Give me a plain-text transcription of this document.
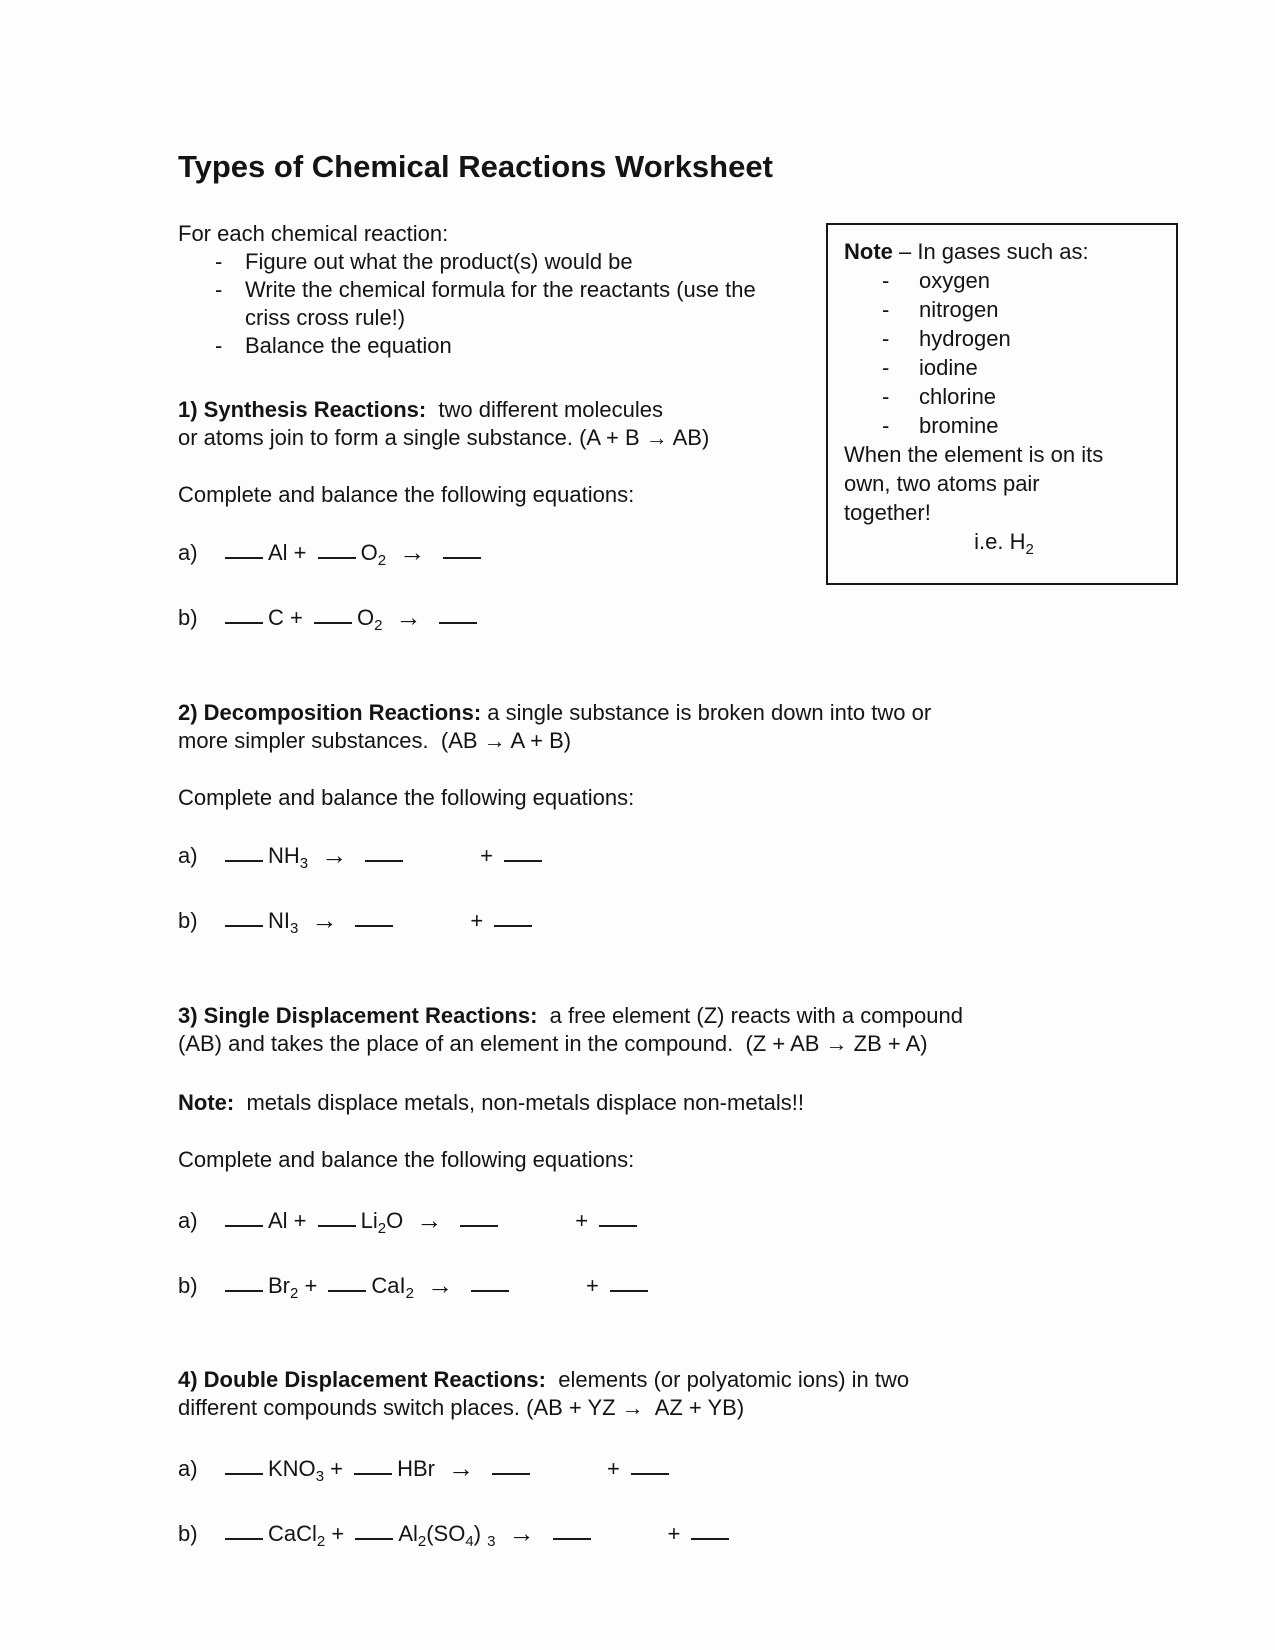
Note – In gases such as:
-	oxygen
-	nitrogen
-	hydrogen
-	iodine
-	chlorine
-	bromine
When the element is on its
own, two atoms pair
together!
i.e. $H_2$
Types of Chemical Reactions Worksheet

For each chemical reaction:

-	Figure out what the product(s) would be
-	Write the chemical formula for the reactants (use the criss cross rule!)
-	Balance the equation

1) Synthesis Reactions:  two different molecules
or atoms join to form a single substance. (A + B → AB)

Complete and balance the following equations:

a)	$Al + O_2$ →
b)	$C + O_2$ →

2) Decomposition Reactions: a single substance is broken down into two or
more simpler substances.  (AB → A + B)

Complete and balance the following equations:

a)	$NH_3$ →	+
b)	$NI_3$ →	+

3) Single Displacement Reactions:  a free element (Z) reacts with a compound
(AB) and takes the place of an element in the compound.  (Z + AB → ZB + A)

Note:  metals displace metals, non-metals displace non-metals!!

Complete and balance the following equations:

a)	$Al + Li_2O$ →	+
b)	$Br_2 + CaI_2$ →	+

4) Double Displacement Reactions:  elements (or polyatomic ions) in two
different compounds switch places. (AB + YZ →  AZ + YB)

a)	$KNO_3$ + HBr →	+
b)	CaCl$_2$ + $Al_2(SO_4) _3$ →	+
